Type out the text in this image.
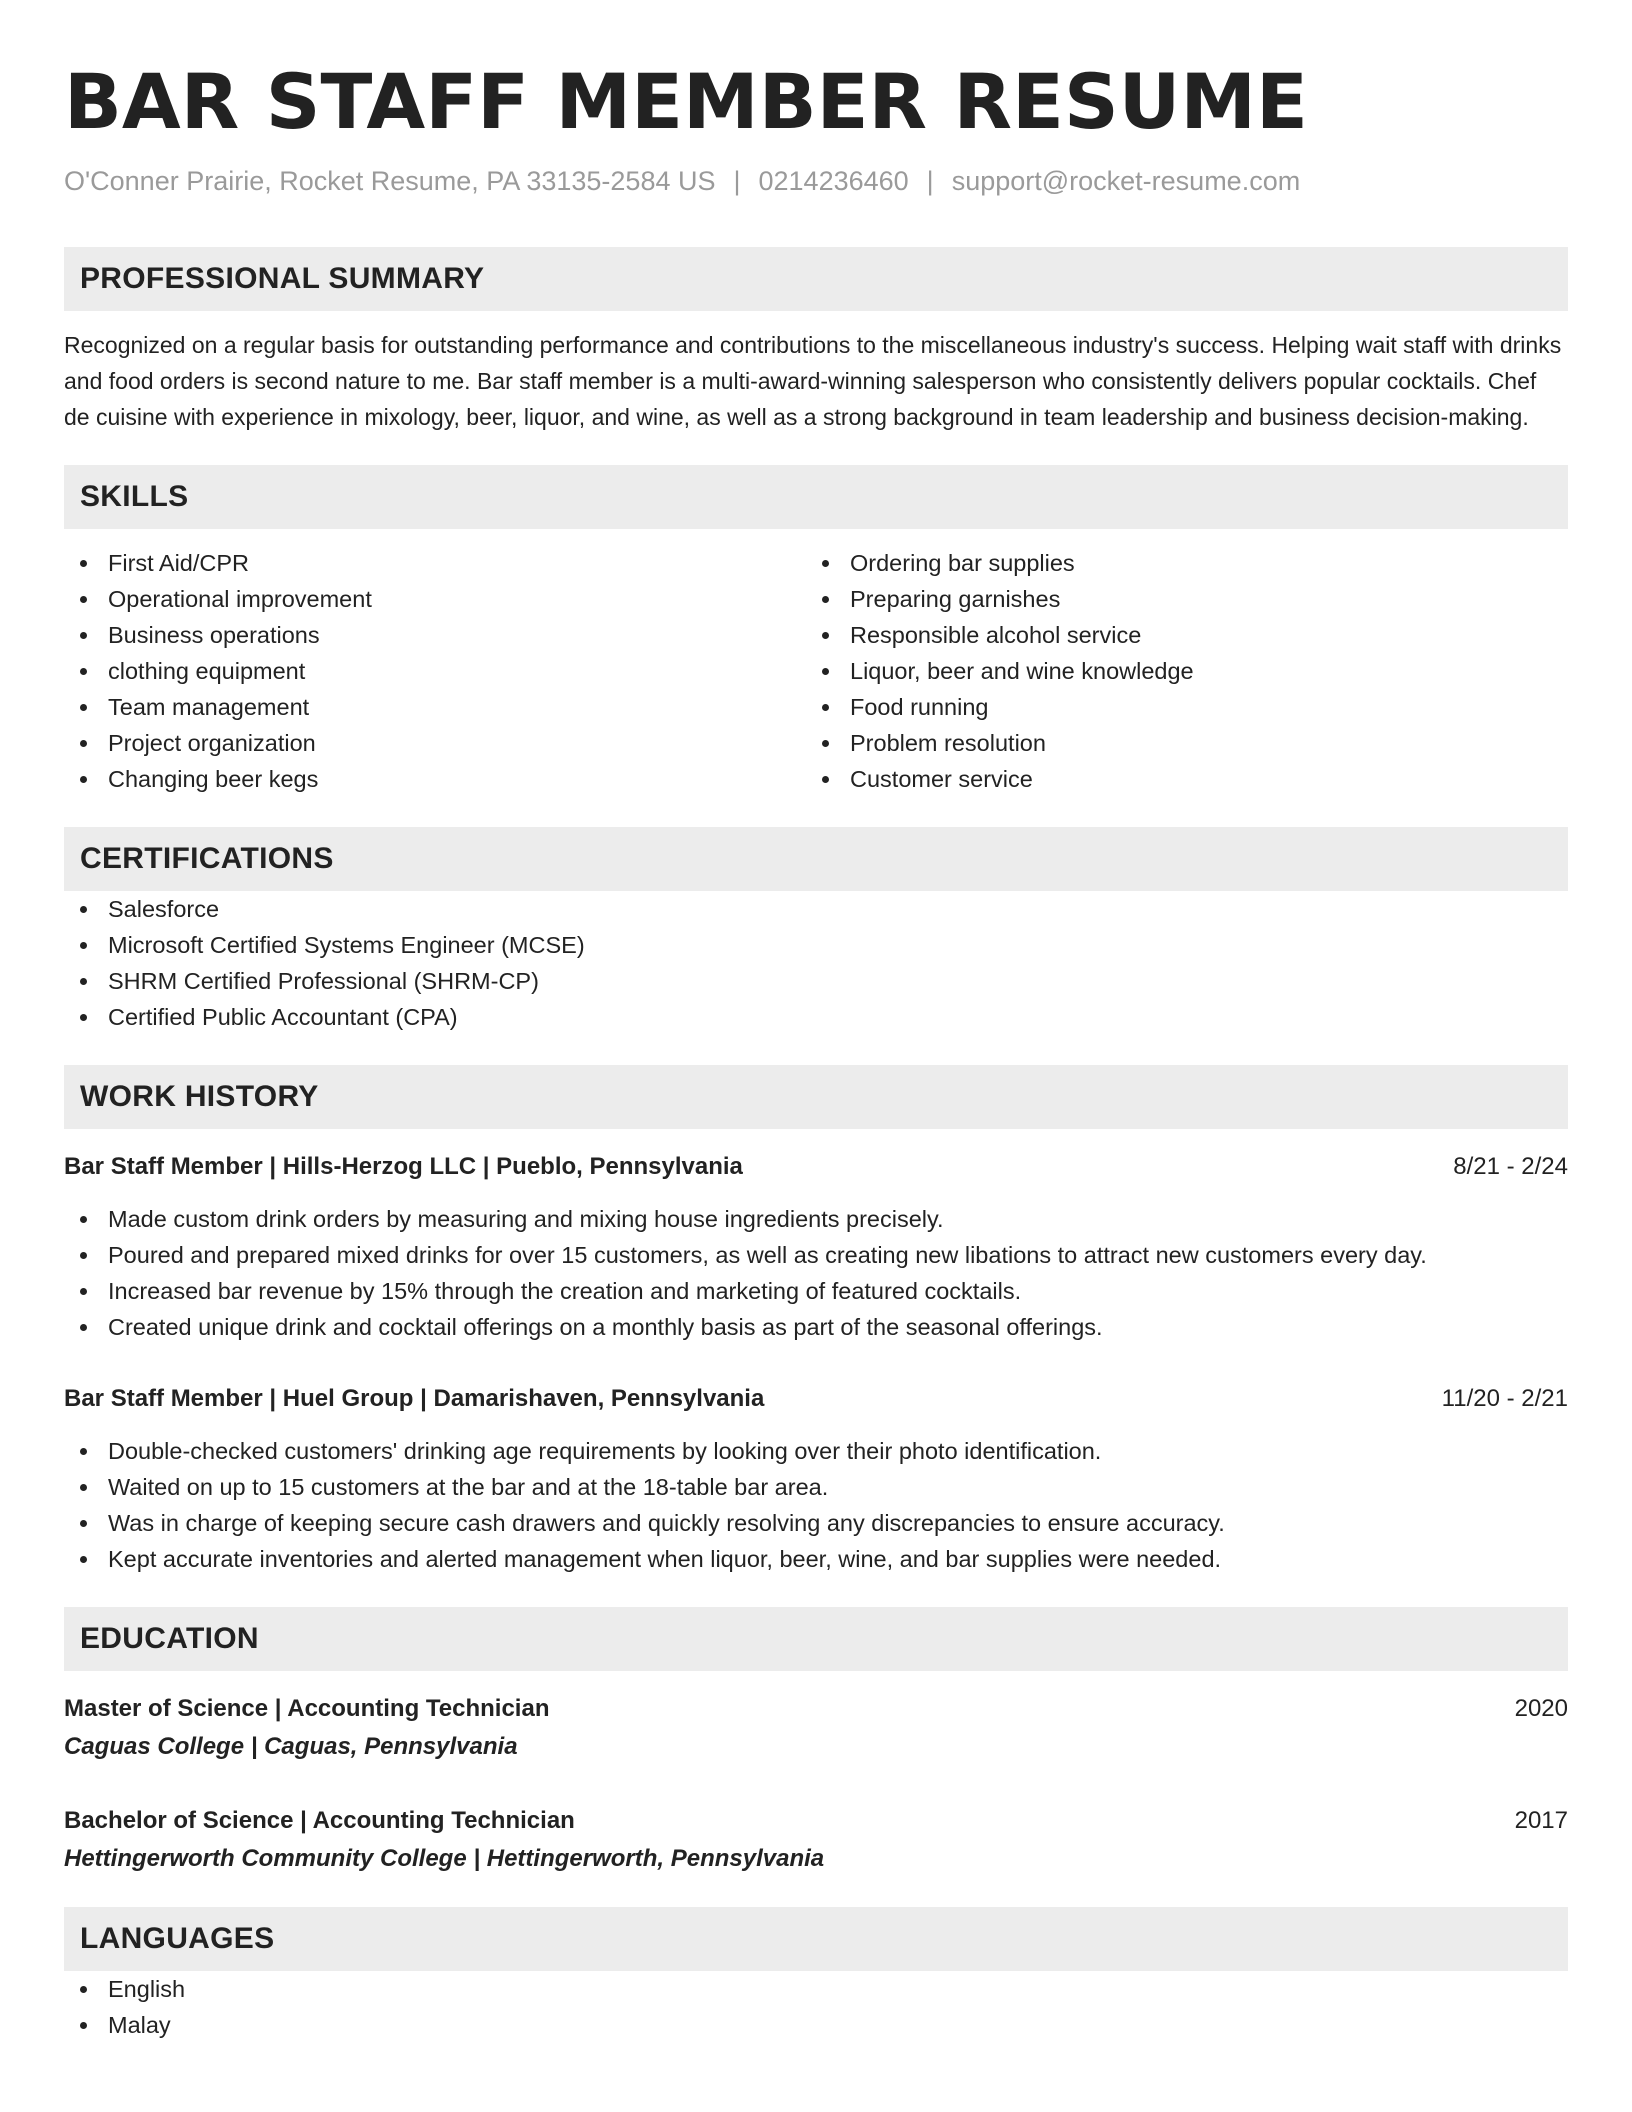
BAR STAFF MEMBER RESUME
O'Conner Prairie, Rocket Resume, PA 33135-2584 US | 0214236460 | support@rocket-resume.com
PROFESSIONAL SUMMARY
Recognized on a regular basis for outstanding performance and contributions to the miscellaneous industry's success. Helping wait staff with drinks and food orders is second nature to me. Bar staff member is a multi-award-winning salesperson who consistently delivers popular cocktails. Chef de cuisine with experience in mixology, beer, liquor, and wine, as well as a strong background in team leadership and business decision-making.
SKILLS
First Aid/CPR
Operational improvement
Business operations
clothing equipment
Team management
Project organization
Changing beer kegs
Ordering bar supplies
Preparing garnishes
Responsible alcohol service
Liquor, beer and wine knowledge
Food running
Problem resolution
Customer service
CERTIFICATIONS
Salesforce
Microsoft Certified Systems Engineer (MCSE)
SHRM Certified Professional (SHRM-CP)
Certified Public Accountant (CPA)
WORK HISTORY
Bar Staff Member | Hills-Herzog LLC | Pueblo, Pennsylvania	8/21 - 2/24
Made custom drink orders by measuring and mixing house ingredients precisely.
Poured and prepared mixed drinks for over 15 customers, as well as creating new libations to attract new customers every day.
Increased bar revenue by 15% through the creation and marketing of featured cocktails.
Created unique drink and cocktail offerings on a monthly basis as part of the seasonal offerings.
Bar Staff Member | Huel Group | Damarishaven, Pennsylvania	11/20 - 2/21
Double-checked customers' drinking age requirements by looking over their photo identification.
Waited on up to 15 customers at the bar and at the 18-table bar area.
Was in charge of keeping secure cash drawers and quickly resolving any discrepancies to ensure accuracy.
Kept accurate inventories and alerted management when liquor, beer, wine, and bar supplies were needed.
EDUCATION
Master of Science | Accounting Technician	2020
Caguas College | Caguas, Pennsylvania
Bachelor of Science | Accounting Technician	2017
Hettingerworth Community College | Hettingerworth, Pennsylvania
LANGUAGES
English
Malay
